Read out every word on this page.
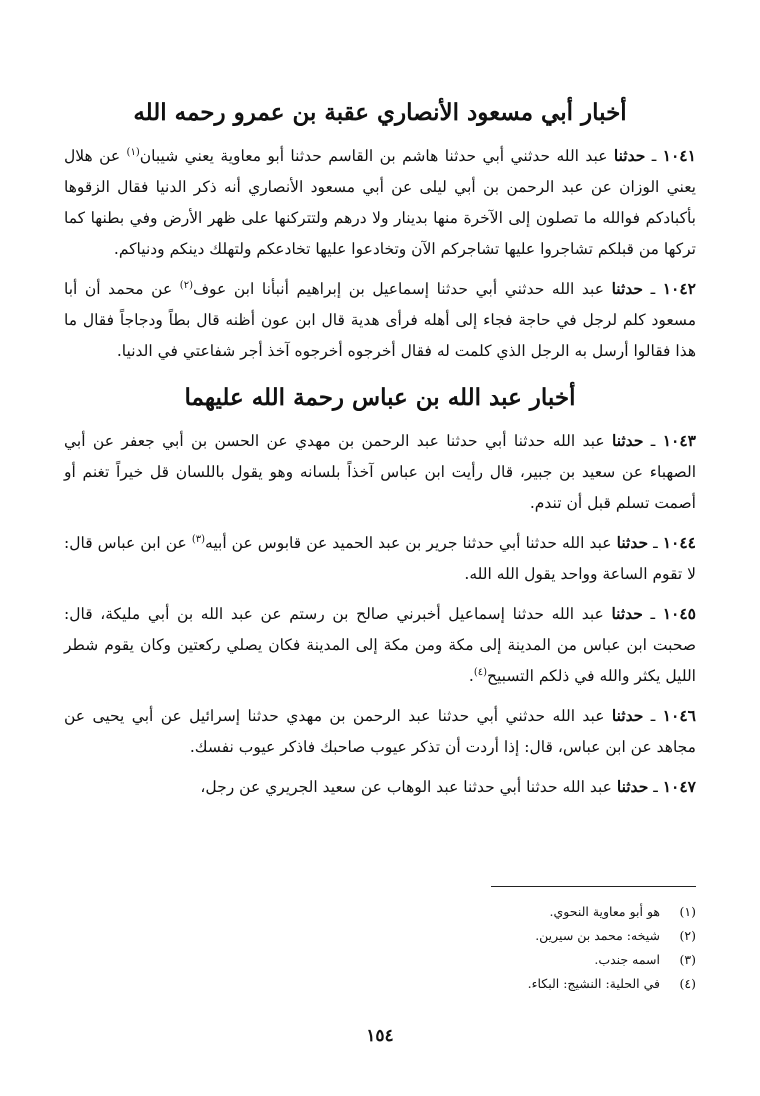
أخبار أبي مسعود الأنصاري عقبة بن عمرو رحمه الله

١٠٤١ ـ حدثنا عبد الله حدثني أبي حدثنا هاشم بن القاسم حدثنا أبو معاوية يعني شيبان$^{(١)}$ عن هلال يعني الوزان عن عبد الرحمن بن أبي ليلى عن أبي مسعود الأنصاري أنه ذكر الدنيا فقال الزقوها بأكبادكم فوالله ما تصلون إلى الآخرة منها بدينار ولا درهم ولتتركنها على ظهر الأرض وفي بطنها كما تركها من قبلكم تشاجروا عليها تشاجركم الآن وتخادعوا عليها تخادعكم ولتهلك دينكم ودنياكم.

١٠٤٢ ـ حدثنا عبد الله حدثني أبي حدثنا إسماعيل بن إبراهيم أنبأنا ابن عوف$^{(٢)}$ عن محمد أن أبا مسعود كلم لرجل في حاجة فجاء إلى أهله فرأى هدية قال ابن عون أظنه قال بطاً ودجاجاً فقال ما هذا فقالوا أرسل به الرجل الذي كلمت له فقال أخرجوه أخرجوه آخذ أجر شفاعتي في الدنيا.

أخبار عبد الله بن عباس رحمة الله عليهما

١٠٤٣ ـ حدثنا عبد الله حدثنا أبي حدثنا عبد الرحمن بن مهدي عن الحسن بن أبي جعفر عن أبي الصهباء عن سعيد بن جبير، قال رأيت ابن عباس آخذاً بلسانه وهو يقول باللسان قل خيراً تغنم أو أصمت تسلم قبل أن تندم.

١٠٤٤ ـ حدثنا عبد الله حدثنا أبي حدثنا جرير بن عبد الحميد عن قابوس عن أبيه$^{(٣)}$ عن ابن عباس قال: لا تقوم الساعة وواحد يقول الله الله.

١٠٤٥ ـ حدثنا عبد الله حدثنا إسماعيل أخبرني صالح بن رستم عن عبد الله بن أبي مليكة، قال: صحبت ابن عباس من المدينة إلى مكة ومن مكة إلى المدينة فكان يصلي ركعتين وكان يقوم شطر الليل يكثر والله في ذلكم التسبيح$^{(٤)}$.

١٠٤٦ ـ حدثنا عبد الله حدثني أبي حدثنا عبد الرحمن بن مهدي حدثنا إسرائيل عن أبي يحيى عن مجاهد عن ابن عباس، قال: إذا أردت أن تذكر عيوب صاحبك فاذكر عيوب نفسك.

١٠٤٧ ـ حدثنا عبد الله حدثنا أبي حدثنا عبد الوهاب عن سعيد الجريري عن رجل،

(١)
هو أبو معاوية النحوي.
(٢)
شيخه: محمد بن سيرين.
(٣)
اسمه جندب.
(٤)
في الحلية: النشيج: البكاء.
١٥٤
